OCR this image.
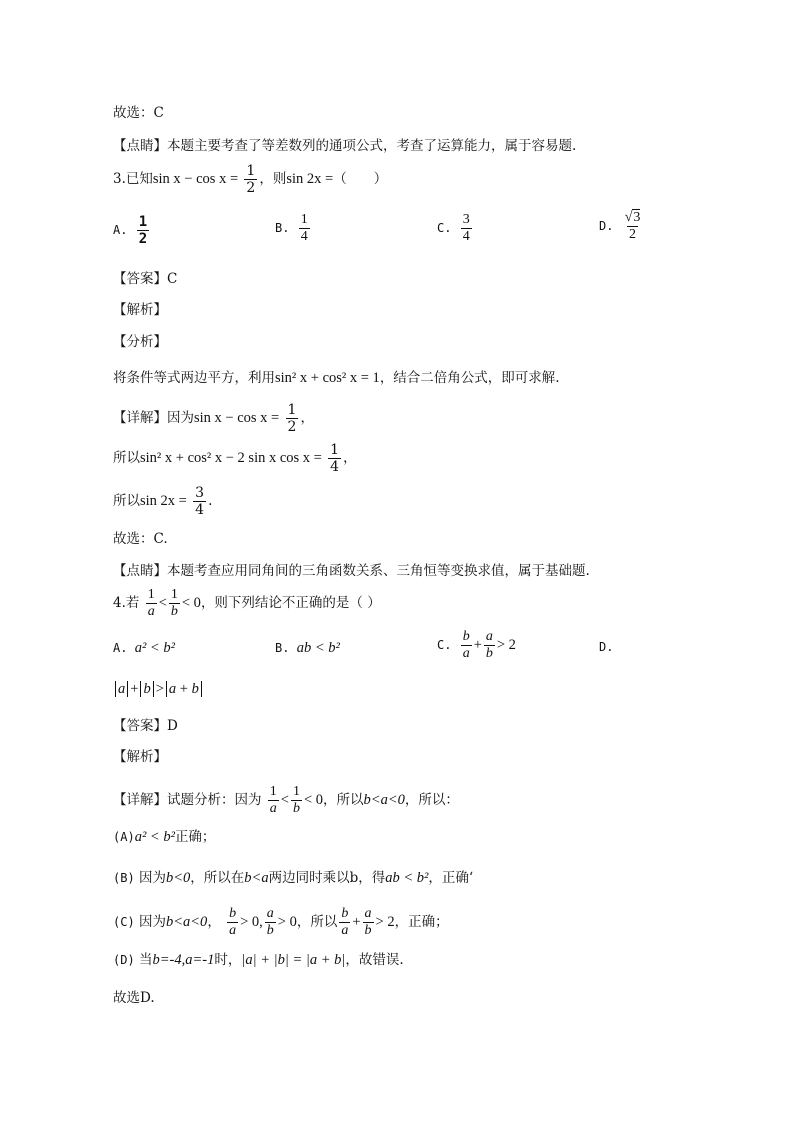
故选：C
【点睛】本题主要考查了等差数列的通项公式，考查了运算能力，属于容易题.
3.已知$\sin x - \cos x = \frac{1}{2}$ ，则sin 2x =（　　）
A. $\frac{1}{2}$	B. $\frac{1}{4}$	C. $\frac{3}{4}$	D. $\frac{√3}{2}$
【答案】C
【解析】
【分析】
将条件等式两边平方，利用sin² x + cos² x = 1，结合二倍角公式，即可求解.
【详解】因为$\sin x - \cos x = \frac{1}{2}$ ，
所以sin² x + cos² x − 2 sin x $\cos x = \frac{1}{4}$ ，
所以$\sin 2x = \frac{3}{4}$ .
故选：C.
【点睛】本题考查应用同角间的三角函数关系、三角恒等变换求值，属于基础题.
4.若 $\frac{1}{a} < \frac{1}{b} < 0$，则下列结论不正确的是（ ）
A. a² < b²	B. ab < b²	C. $\frac{b}{a} + \frac{a}{b} > 2$	D.
a + b > a + b
【答案】D
【解析】
【详解】试题分析：因为 $\frac{1}{a} < \frac{1}{b} < 0$，所以b<a<0，所以：
(A)a² < b²正确；
(B) 因为b<0，所以在b<a两边同时乘以b，得ab < b²，正确‘
(C) 因为b<a<0， $\frac{b}{a} > 0$, $\frac{a}{b} > 0$，所以 $\frac{b}{a} + \frac{a}{b} > 2$，正确；
(D) 当b=-4,a=-1时，|a| + |b| = |a + b|，故错误.
故选D.
